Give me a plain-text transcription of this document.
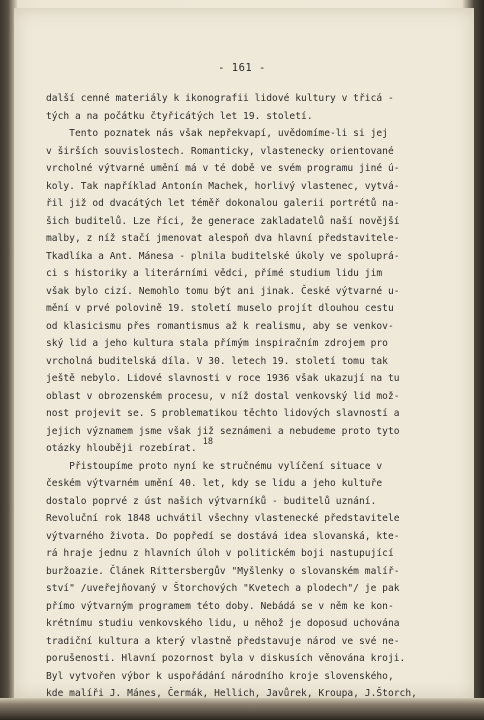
- 161 -
další cenné materiály k ikonografii lidové kultury v třicá -
tých a na počátku čtyřicátých let 19. století.
Tento poznatek nás však nepřekvapí, uvědomíme-li si jej
v širších souvislostech. Romanticky, vlastenecky orientované
vrcholné výtvarné umění má v té době ve svém programu jiné ú-
koly. Tak například Antonín Machek, horlivý vlastenec, vytvá-
řil již od dvacátých let téměř dokonalou galerii portrétů na-
šich buditelů. Lze říci, že generace zakladatelů naší novější
malby, z níž stačí jmenovat alespoň dva hlavní představitele-
Tkadlíka a Ant. Mánesa - plnila buditelské úkoly ve spoluprá-
ci s historiky a literárními vědci, přímé studium lidu jim
však bylo cizí. Nemohlo tomu být ani jinak. České výtvarné u-
mění v prvé polovině 19. století muselo projít dlouhou cestu
od klasicismu přes romantismus až k realismu, aby se venkov-
ský lid a jeho kultura stala přímým inspiračním zdrojem pro
vrcholná buditelská díla. V 30. letech 19. století tomu tak
ještě nebylo. Lidové slavnosti v roce 1936 však ukazují na tu
oblast v obrozenském procesu, v níž dostal venkovský lid mož-
nost projevit se. S problematikou těchto lidových slavností a
jejich významem jsme však již seznámeni a nebudeme proto tyto
otázky hlouběji rozebírat.18
Přistoupíme proto nyní ke stručnému vylíčení situace v
českém výtvarném umění 40. let, kdy se lidu a jeho kultuře
dostalo poprvé z úst našich výtvarníků - buditelů uznání.
Revoluční rok 1848 uchvátil všechny vlastenecké představitele
výtvarného života. Do popředí se dostává idea slovanská, kte-
rá hraje jednu z hlavních úloh v politickém boji nastupující
buržoazie. Článek Rittersbergův "Myšlenky o slovanském malíř-
ství" /uveřejňovaný v Štorchových "Kvetech a plodech"/ je pak
přímo výtvarným programem této doby. Nebádá se v něm ke kon-
krétnímu studiu venkovského lidu, u něhož je doposud uchována
tradiční kultura a který vlastně představuje národ ve své ne-
porušenosti. Hlavní pozornost byla v diskusích věnována kroji.
Byl vytvořen výbor k uspořádání národního kroje slovenského,
kde malíři J. Mánes, Čermák, Hellich, Javůrek, Kroupa, J.Štorch,
